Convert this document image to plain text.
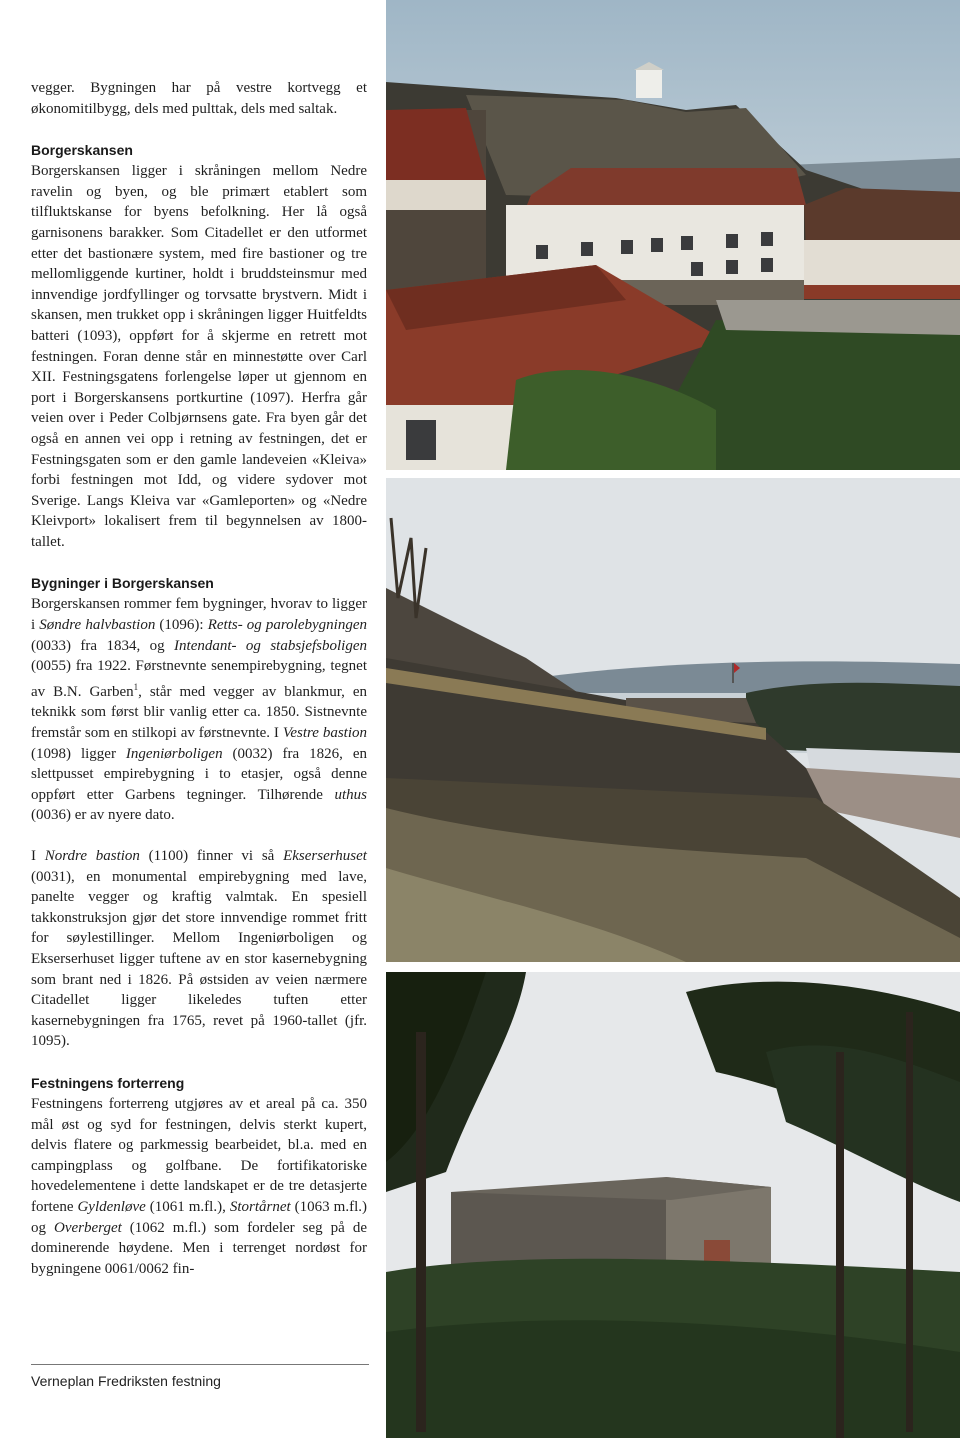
vegger. Bygningen har på vestre kortvegg et økonomitilbygg, dels med pulttak, dels med saltak.

Borgerskansen

Borgerskansen ligger i skråningen mellom Nedre ravelin og byen, og ble primært etablert som tilfluktskanse for byens befolkning. Her lå også garnisonens barakker. Som Citadellet er den utformet etter det bastionære system, med fire bastioner og tre mellomliggende kurtiner, holdt i bruddsteinsmur med innvendige jordfyllinger og torvsatte brystvern. Midt i skansen, men trukket opp i skråningen ligger Huitfeldts batteri (1093), oppført for å skjerme en retrett mot festningen. Foran denne står en minnestøtte over Carl XII. Festningsgatens forlengelse løper ut gjennom en port i Borgerskansens portkurtine (1097). Herfra går veien over i Peder Colbjørnsens gate. Fra byen går det også en annen vei opp i retning av festningen, det er Festningsgaten som er den gamle landeveien «Kleiva» forbi festningen mot Idd, og videre sydover mot Sverige. Langs Kleiva var «Gamleporten» og «Nedre Kleivport» lokalisert frem til begynnelsen av 1800-tallet.

Bygninger i Borgerskansen

Borgerskansen rommer fem bygninger, hvorav to ligger i Søndre halvbastion (1096): Retts- og parolebygningen (0033) fra 1834, og Intendant- og stabsjefsboligen (0055) fra 1922. Førstnevnte senempirebygning, tegnet av B.N. Garben$^1$, står med vegger av blankmur, en teknikk som først blir vanlig etter ca. 1850. Sistnevnte fremstår som en stilkopi av førstnevnte. I Vestre bastion (1098) ligger Ingeniørboligen (0032) fra 1826, en slettpusset empirebygning i to etasjer, også denne oppført etter Garbens tegninger. Tilhørende uthus (0036) er av nyere dato.

I Nordre bastion (1100) finner vi så Ekserserhuset (0031), en monumental empirebygning med lave, panelte vegger og kraftig valmtak. En spesiell takkonstruksjon gjør det store innvendige rommet fritt for søylestillinger. Mellom Ingeniørboligen og Ekserserhuset ligger tuftene av en stor kasernebygning som brant ned i 1826. På østsiden av veien nærmere Citadellet ligger likeledes tuften etter kasernebygningen fra 1765, revet på 1960-tallet (jfr. 1095).

Festningens forterreng

Festningens forterreng utgjøres av et areal på ca. 350 mål øst og syd for festningen, delvis sterkt kupert, delvis flatere og parkmessig bearbeidet, bl.a. med en campingplass og golfbane. De fortifikatoriske hovedelementene i dette landskapet er de tre detasjerte fortene Gyldenløve (1061 m.fl.), Stortårnet (1063 m.fl.) og Overberget (1062 m.fl.) som fordeler seg på de dominerende høydene. Men i terrenget nordøst for bygningene 0061/0062 fin-

Verneplan Fredriksten festning
